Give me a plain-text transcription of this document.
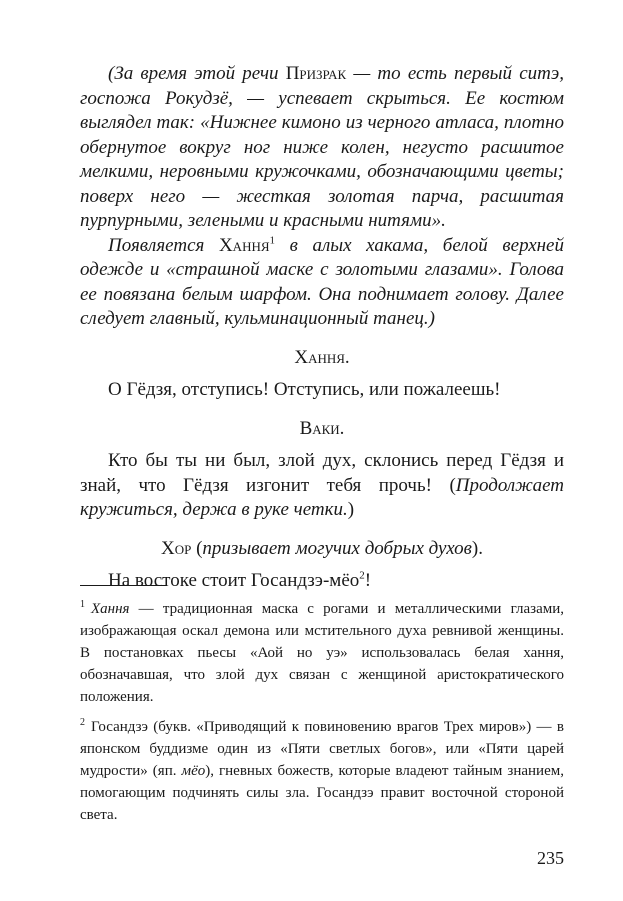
(За время этой речи Призрак — то есть первый ситэ, госпожа Рокудзё, — успевает скрыться. Ее костюм выглядел так: «Нижнее кимоно из черного атласа, плотно обернутое вокруг ног ниже колен, негусто расшитое мелкими, неровными кружочками, обозначающими цветы; поверх него — жесткая золотая парча, расшитая пурпурными, зелеными и красными нитями».

Появляется Хання$^1$ в алых хакама, белой верхней одежде и «страшной маске с золотыми глазами». Голова ее повязана белым шарфом. Она поднимает голову. Далее следует главный, кульминационный танец.)

Хання.

О Гёдзя, отступись! Отступись, или пожалеешь!

Ваки.

Кто бы ты ни был, злой дух, склонись перед Гёдзя и знай, что Гёдзя изгонит тебя прочь! (Продолжает кружиться, держа в руке четки.)

Хор (призывает могучих добрых духов).

На востоке стоит Госандзэ-мёо$^2$!

$^1$ Хання — традиционная маска с рогами и металлическими глазами, изображающая оскал демона или мстительного духа ревнивой женщины. В постановках пьесы «Аой но уэ» использовалась белая хання, обозначавшая, что злой дух связан с женщиной аристократического положения.

$^2$ Госандзэ (букв. «Приводящий к повиновению врагов Трех миров») — в японском буддизме один из «Пяти светлых богов», или «Пяти царей мудрости» (яп. мёо), гневных божеств, которые владеют тайным знанием, помогающим подчинять силы зла. Госандзэ правит восточной стороной света.

235
